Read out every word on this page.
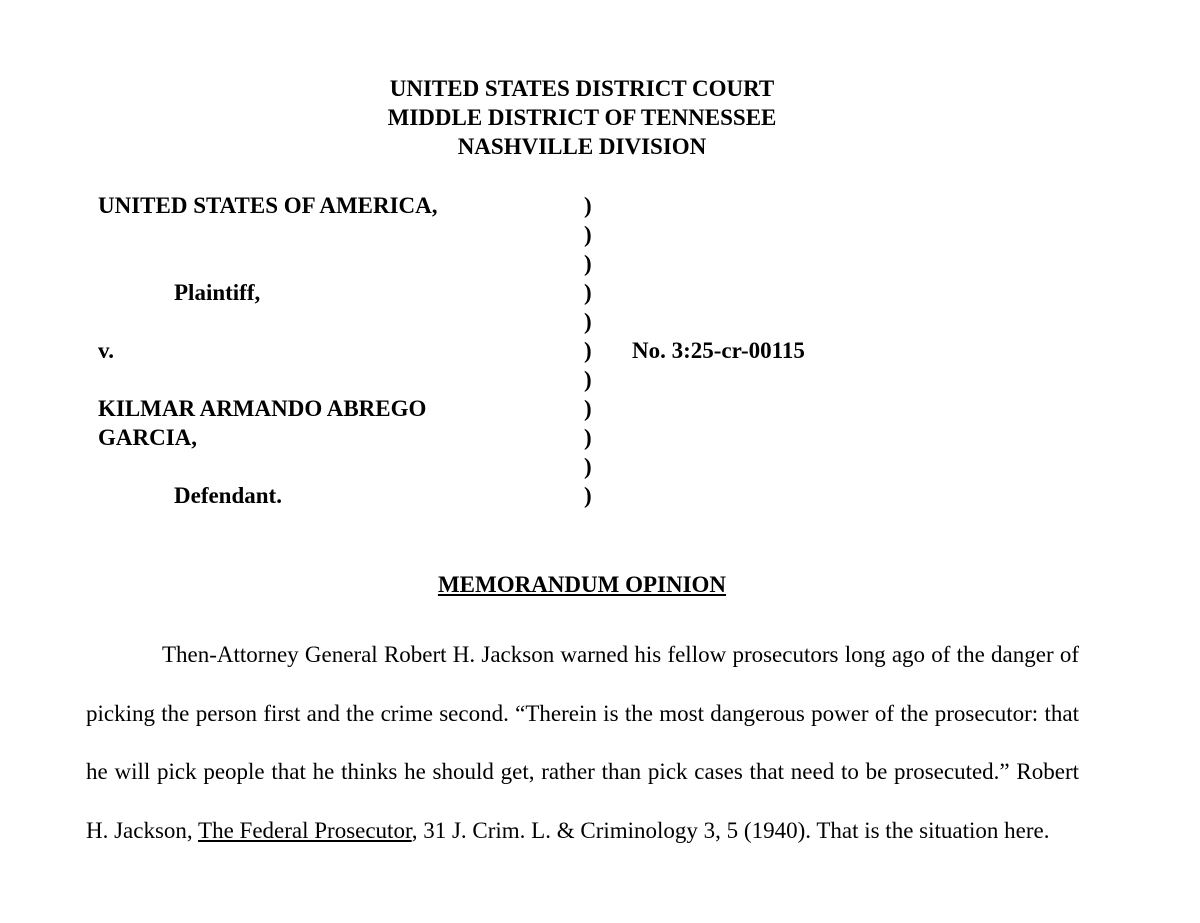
UNITED STATES DISTRICT COURT
MIDDLE DISTRICT OF TENNESSEE
NASHVILLE DIVISION
UNITED STATES OF AMERICA,
Plaintiff,
v.
KILMAR ARMANDO ABREGO
GARCIA,
Defendant.
)
)
)
)
)
)
)
)
)
)
)
No. 3:25-cr-00115
MEMORANDUM OPINION

Then-Attorney General Robert H. Jackson warned his fellow prosecutors long ago of the danger of picking the person first and the crime second. “Therein is the most dangerous power of the prosecutor: that he will pick people that he thinks he should get, rather than pick cases that need to be prosecuted.” Robert H. Jackson, The Federal Prosecutor, 31 J. Crim. L. & Criminology 3, 5 (1940). That is the situation here.
